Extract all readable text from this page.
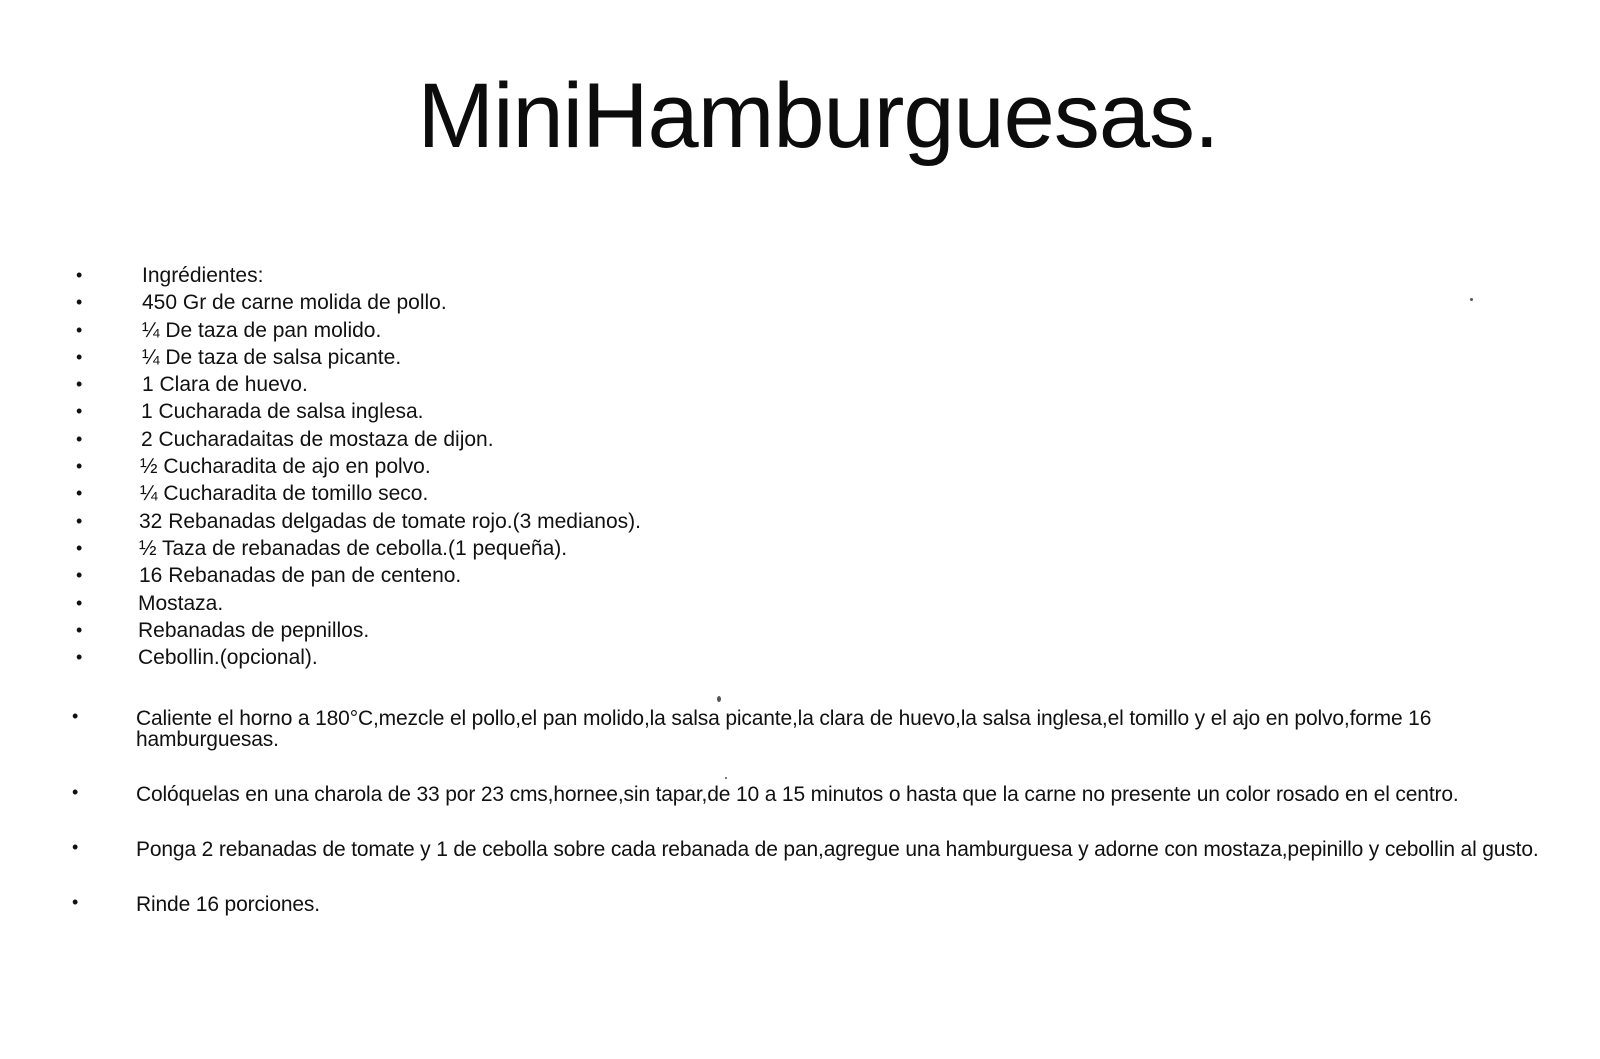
MiniHamburguesas.
•	Ingrédientes:
•	450 Gr de carne molida de pollo.
•	¼ De taza de pan molido.
•	¼ De taza de salsa picante.
•	1 Clara de huevo.
•	1 Cucharada de salsa inglesa.
•	2 Cucharadaitas de mostaza de dijon.
•	½ Cucharadita de ajo en polvo.
•	¼ Cucharadita de tomillo seco.
•	32 Rebanadas delgadas de tomate rojo.(3 medianos).
•	½ Taza de rebanadas de cebolla.(1 pequeña).
•	16 Rebanadas de pan de centeno.
•	Mostaza.
•	Rebanadas de pepnillos.
•	Cebollin.(opcional).
•	Caliente el horno a 180°C,mezcle el pollo,el pan molido,la salsa picante,la clara de huevo,la salsa inglesa,el tomillo y el ajo en polvo,forme 16 hamburguesas.
•	Colóquelas en una charola de 33 por 23 cms,hornee,sin tapar,de 10 a 15 minutos o hasta que la carne no presente un color rosado en el centro.
•	Ponga 2 rebanadas de tomate y 1 de cebolla sobre cada rebanada de pan,agregue una hamburguesa y adorne con mostaza,pepinillo y cebollin al gusto.
•	Rinde 16 porciones.
